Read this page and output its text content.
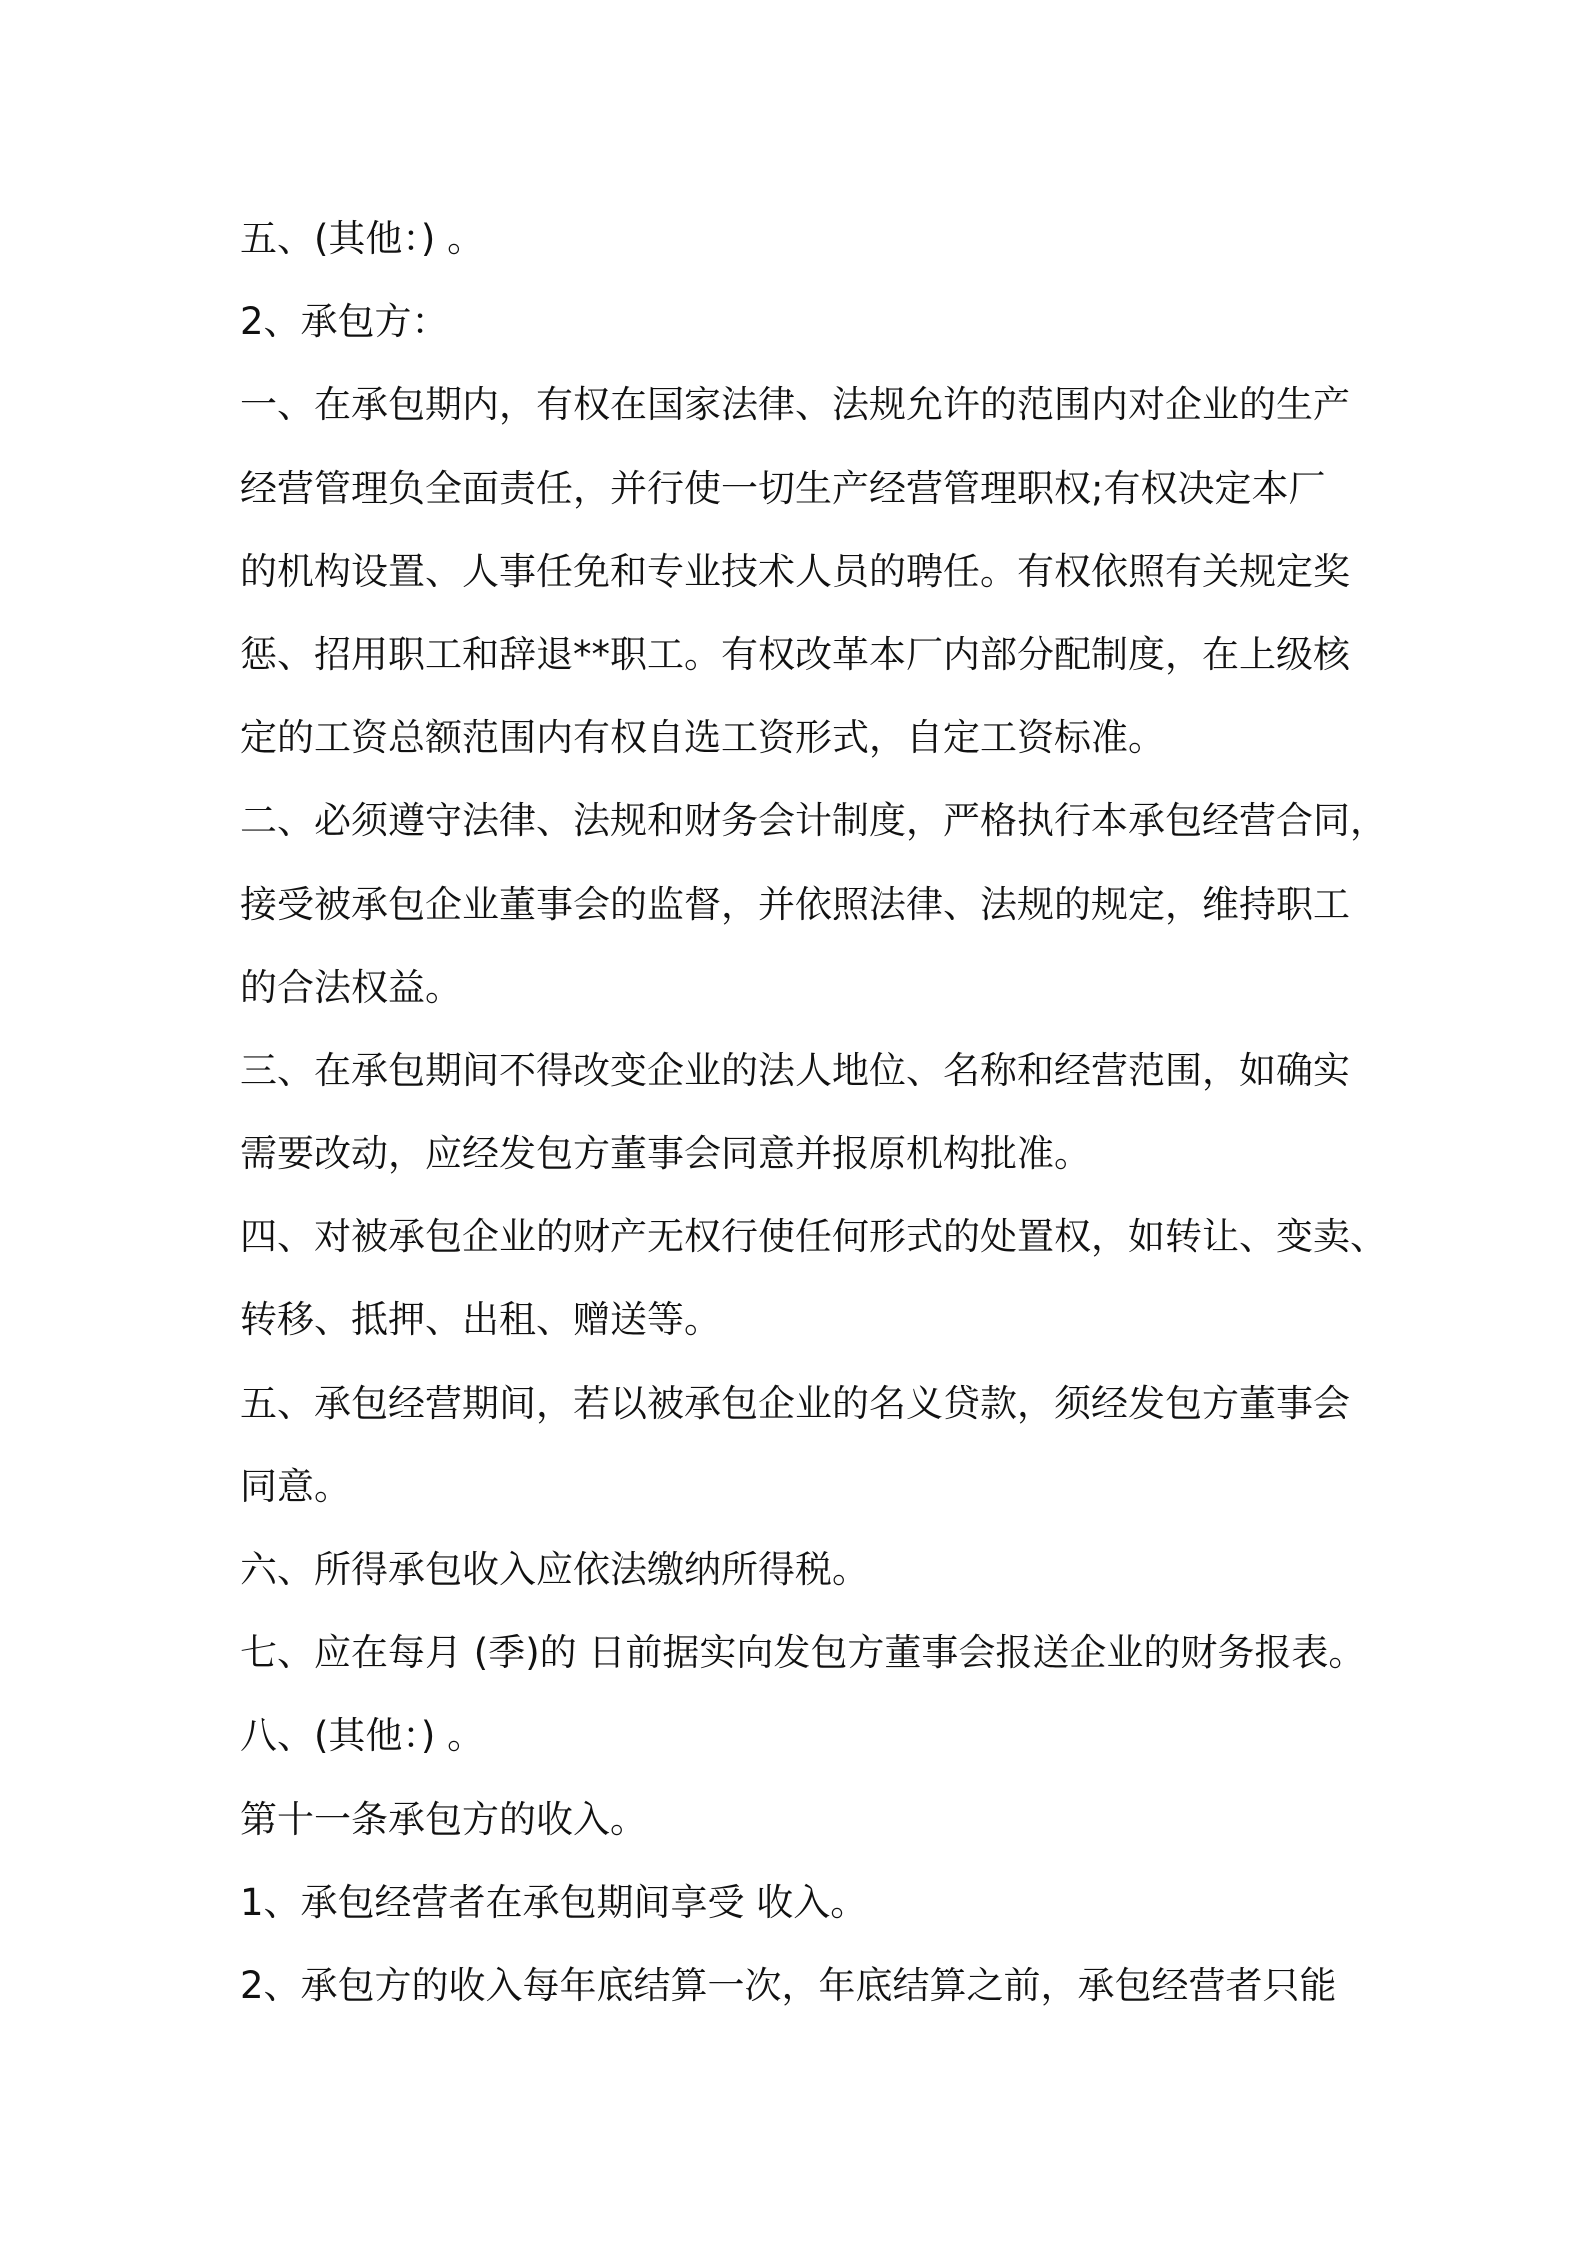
五、(其他：) 。
2、承包方：
一、在承包期内，有权在国家法律、法规允许的范围内对企业的生产
经营管理负全面责任，并行使一切生产经营管理职权;有权决定本厂
的机构设置、人事任免和专业技术人员的聘任。有权依照有关规定奖
惩、招用职工和辞退**职工。有权改革本厂内部分配制度，在上级核
定的工资总额范围内有权自选工资形式，自定工资标准。
二、必须遵守法律、法规和财务会计制度，严格执行本承包经营合同，
接受被承包企业董事会的监督，并依照法律、法规的规定，维持职工
的合法权益。
三、在承包期间不得改变企业的法人地位、名称和经营范围，如确实
需要改动，应经发包方董事会同意并报原机构批准。
四、对被承包企业的财产无权行使任何形式的处置权，如转让、变卖、
转移、抵押、出租、赠送等。
五、承包经营期间，若以被承包企业的名义贷款，须经发包方董事会
同意。
六、所得承包收入应依法缴纳所得税。
七、应在每月 (季)的 日前据实向发包方董事会报送企业的财务报表。
八、(其他：) 。
第十一条承包方的收入。
1、承包经营者在承包期间享受 收入。
2、承包方的收入每年底结算一次，年底结算之前，承包经营者只能
